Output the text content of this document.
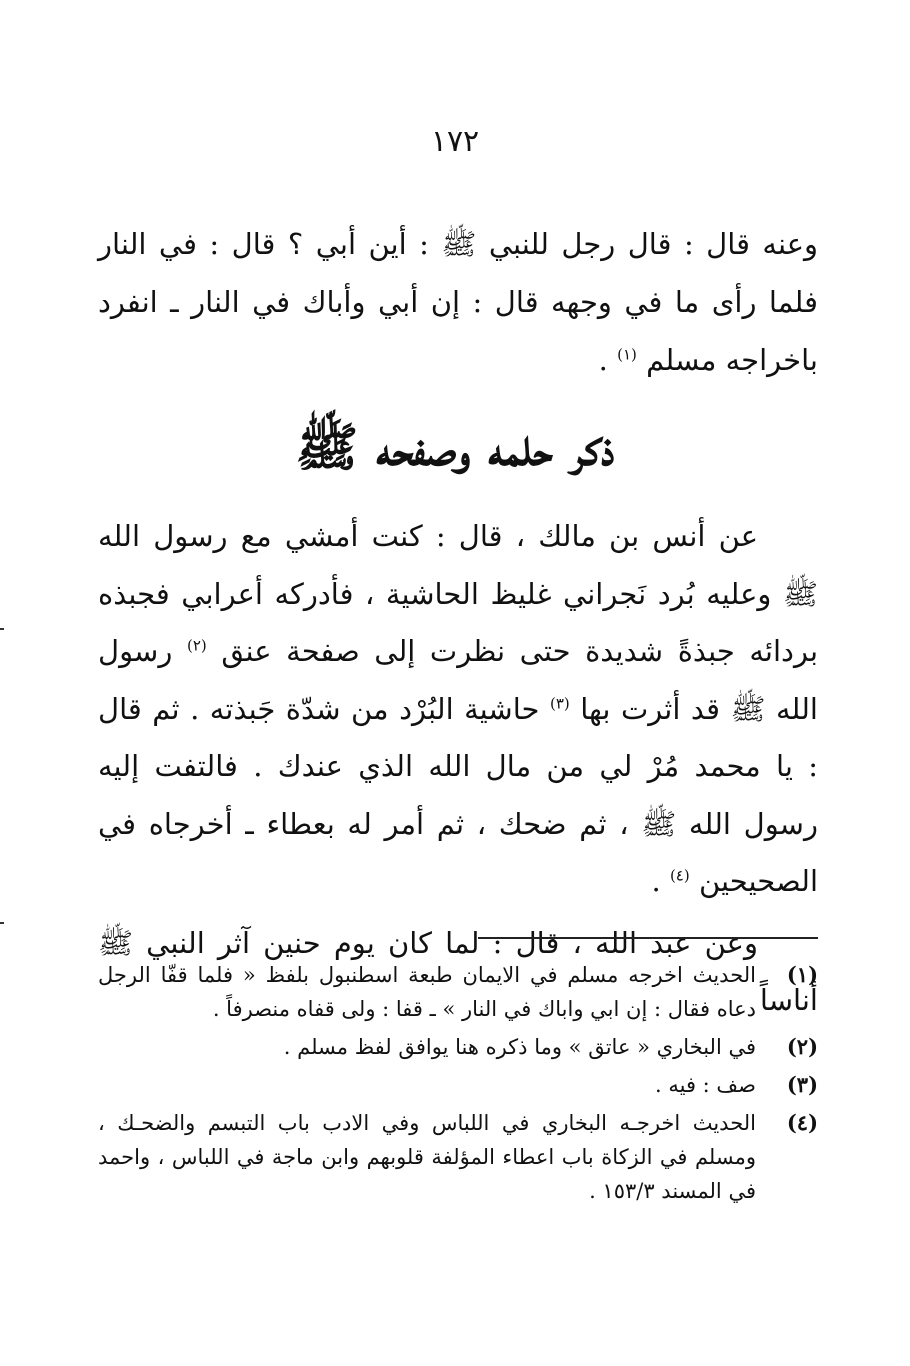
١٧٢

وعنه قال : قال رجل للنبي ﷺ : أين أبي ؟ قال : في النار فلما رأى ما في وجهه قال : إن أبي وأباك في النار ـ انفرد باخراجه مسلم $^{(١)}$ .

ذكر حلمه وصفحه ﷺ

عن أنس بن مالك ، قال : كنت أمشي مع رسول الله ﷺ وعليه بُرد نَجراني غليظ الحاشية ، فأدركه أعرابي فجبذه بردائه جبذةً شديدة حتى نظرت إلى صفحة عنق $^{(٢)}$ رسول الله ﷺ قد أثرت بها $^{(٣)}$ حاشية البُرْد من شدّة جَبذته . ثم قال : يا محمد مُرْ لي من مال الله الذي عندك . فالتفت إليه رسول الله ﷺ ، ثم ضحك ، ثم أمر له بعطاء ـ أخرجاه في الصحيحين $^{(٤)}$ .

وعن عبد الله ، قال : لما كان يوم حنين آثر النبي ﷺ أناساً

(١)
الحديث اخرجه مسلم في الايمان طبعة اسطنبول بلفظ « فلما قفّا الرجل دعاه فقال : إن ابي واباك في النار » ـ قفا : ولى قفاه منصرفاً .
(٢)
في البخاري « عاتق » وما ذكره هنا يوافق لفظ مسلم .
(٣)
صف : فيه .
(٤)
الحديث اخرجـه البخاري في اللباس وفي الادب باب التبسم والضحـك ، ومسلم في الزكاة باب اعطاء المؤلفة قلوبهم وابن ماجة في اللباس ، واحمد في المسند ١٥٣/٣ .
